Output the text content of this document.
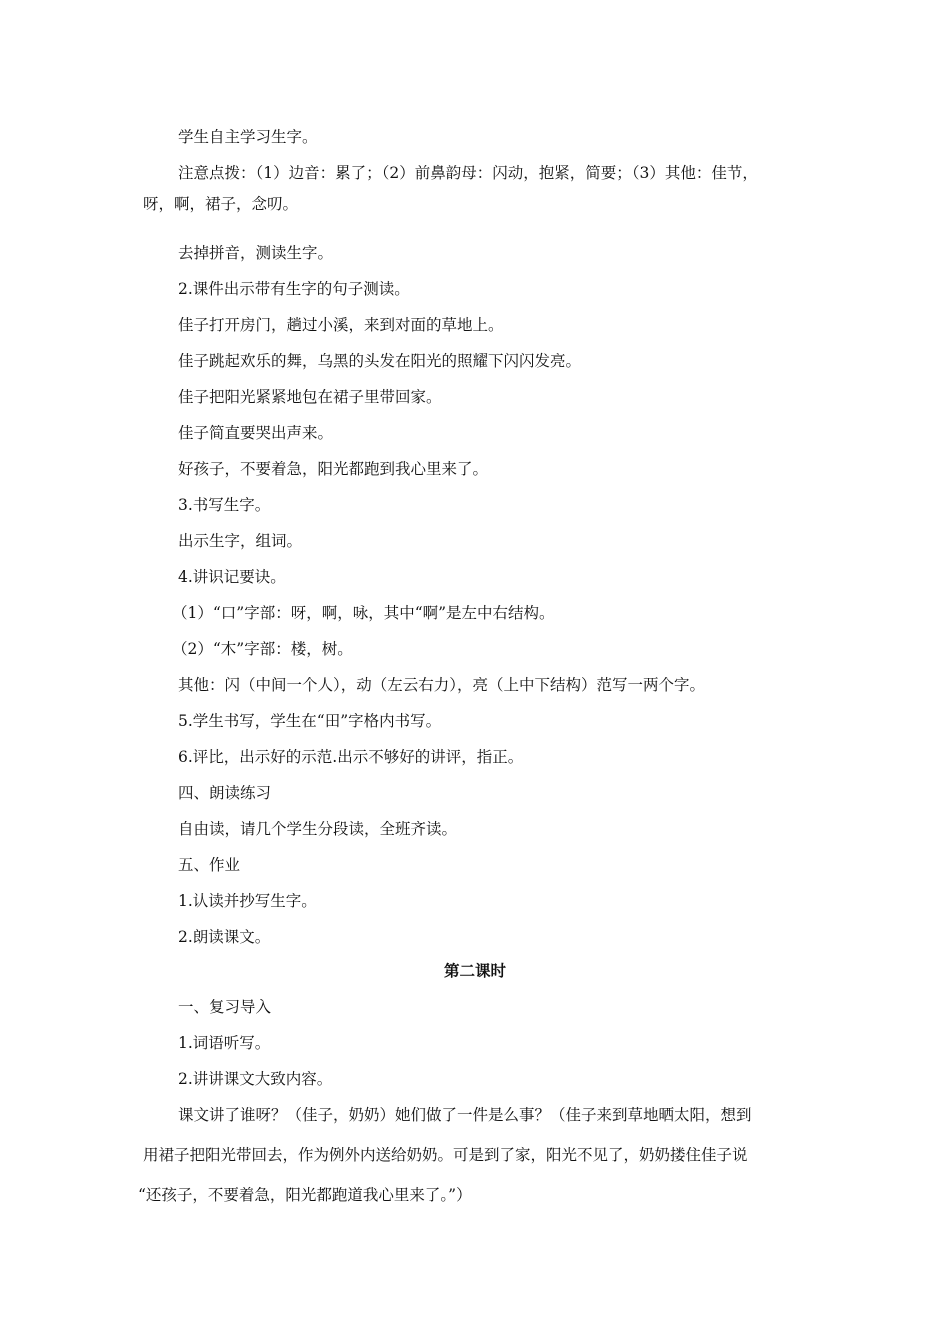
学生自主学习生字。
注意点拨：（1）边音：累了；（2）前鼻韵母：闪动，抱紧，简要；（3）其他：佳节，
呀，啊，裙子，念叨。
去掉拼音，测读生字。
2.课件出示带有生字的句子测读。
佳子打开房门，趟过小溪，来到对面的草地上。
佳子跳起欢乐的舞，乌黑的头发在阳光的照耀下闪闪发亮。
佳子把阳光紧紧地包在裙子里带回家。
佳子简直要哭出声来。
好孩子，不要着急，阳光都跑到我心里来了。
3.书写生字。
出示生字，组词。
4.讲识记要诀。
（1）“口”字部：呀，啊，咏，其中“啊”是左中右结构。
（2）“木”字部：楼，树。
其他：闪（中间一个人），动（左云右力），亮（上中下结构）范写一两个字。
5.学生书写，学生在“田”字格内书写。
6.评比，出示好的示范.出示不够好的讲评，指正。
四、朗读练习
自由读，请几个学生分段读，全班齐读。
五、作业
1.认读并抄写生字。
2.朗读课文。
第二课时
一、复习导入
1.词语听写。
2.讲讲课文大致内容。
课文讲了谁呀？（佳子，奶奶）她们做了一件是么事？（佳子来到草地晒太阳，想到
用裙子把阳光带回去，作为例外内送给奶奶。可是到了家，阳光不见了，奶奶搂住佳子说
“还孩子，不要着急，阳光都跑道我心里来了。”）
